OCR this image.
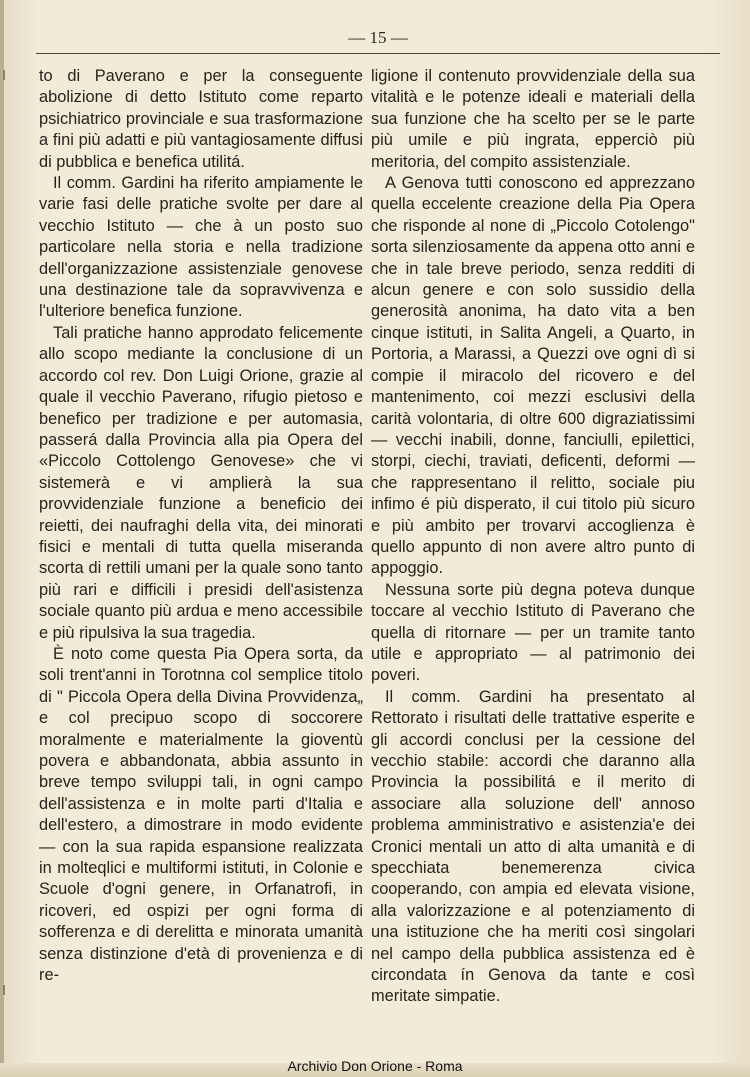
— 15 —

to di Paverano e per la conseguente abolizione di detto Istituto come reparto psichiatrico provinciale e sua trasformazione a fini più adatti e più vantagiosamente diffusi di pubblica e benefica utilitá.

Il comm. Gardini ha riferito ampiamente le varie fasi delle pratiche svolte per dare al vecchio Istituto — che à un posto suo particolare nella storia e nella tradizione dell'organizzazione assistenziale genovese una destinazione tale da sopravvivenza e l'ulteriore benefica funzione.

Tali pratiche hanno approdato felicemente allo scopo mediante la conclusione di un accordo col rev. Don Luigi Orione, grazie al quale il vecchio Paverano, rifugio pietoso e benefico per tradizione e per automasia, passerá dalla Provincia alla pia Opera del «Piccolo Cottolengo Genovese» che vi sistemerà e vi amplierà la sua provvidenziale funzione a beneficio dei reietti, dei naufraghi della vita, dei minorati fisici e mentali di tutta quella miseranda scorta di rettili umani per la quale sono tanto più rari e difficili i presidi dell'asistenza sociale quanto più ardua e meno accessibile e più ripulsiva la sua tragedia.

È noto come questa Pia Opera sorta, da soli trent'anni in Torotnna col semplice titolo di " Piccola Opera della Divina Provvidenza„ e col precipuo scopo di soccorere moralmente e materialmente la gioventù povera e abbandonata, abbia assunto in breve tempo sviluppi tali, in ogni campo dell'assistenza e in molte parti d'Italia e dell'estero, a dimostrare in modo evidente — con la sua rapida espansione realizzata in molteqlici e multiformi istituti, in Colonie e Scuole d'ogni genere, in Orfanatrofi, in ricoveri, ed ospizi per ogni forma di sofferenza e di derelitta e minorata umanità senza distinzione d'età di provenienza e di re-

ligione il contenuto provvidenziale della sua vitalità e le potenze ideali e materiali della sua funzione che ha scelto per se le parte più umile e più ingrata, epperciò più meritoria, del compito assistenziale.

A Genova tutti conoscono ed apprezzano quella eccelente creazione della Pia Opera che risponde al none di „Piccolo Cotolengo" sorta silenziosamente da appena otto anni e che in tale breve periodo, senza redditi di alcun genere e con solo sussidio della generosità anonima, ha dato vita a ben cinque istituti, in Salita Angeli, a Quarto, in Portoria, a Marassi, a Quezzi ove ogni dì si compie il miracolo del ricovero e del mantenimento, coi mezzi esclusivi della carità volontaria, di oltre 600 digraziatissimi — vecchi inabili, donne, fanciulli, epilettici, storpi, ciechi, traviati, deficenti, deformi — che rappresentano il relitto, sociale piu infimo é più disperato, il cui titolo più sicuro e più ambito per trovarvi accoglienza è quello appunto di non avere altro punto di appoggio.

Nessuna sorte più degna poteva dunque toccare al vecchio Istituto di Paverano che quella di ritornare — per un tramite tanto utile e appropriato — al patrimonio dei poveri.

Il comm. Gardini ha presentato al Rettorato i risultati delle trattative esperite e gli accordi conclusi per la cessione del vecchio stabile: accordi che daranno alla Provincia la possibilitá e il merito di associare alla soluzione dell' annoso problema amministrativo e asistenzia'e dei Cronici mentali un atto di alta umanità e di specchiata benemerenza civica cooperando, con ampia ed elevata visione, alla valorizzazione e al potenziamento di una istituzione che ha meriti così singolari nel campo della pubblica assistenza ed è circondata ín Genova da tante e così meritate simpatie.

Archivio Don Orione - Roma
